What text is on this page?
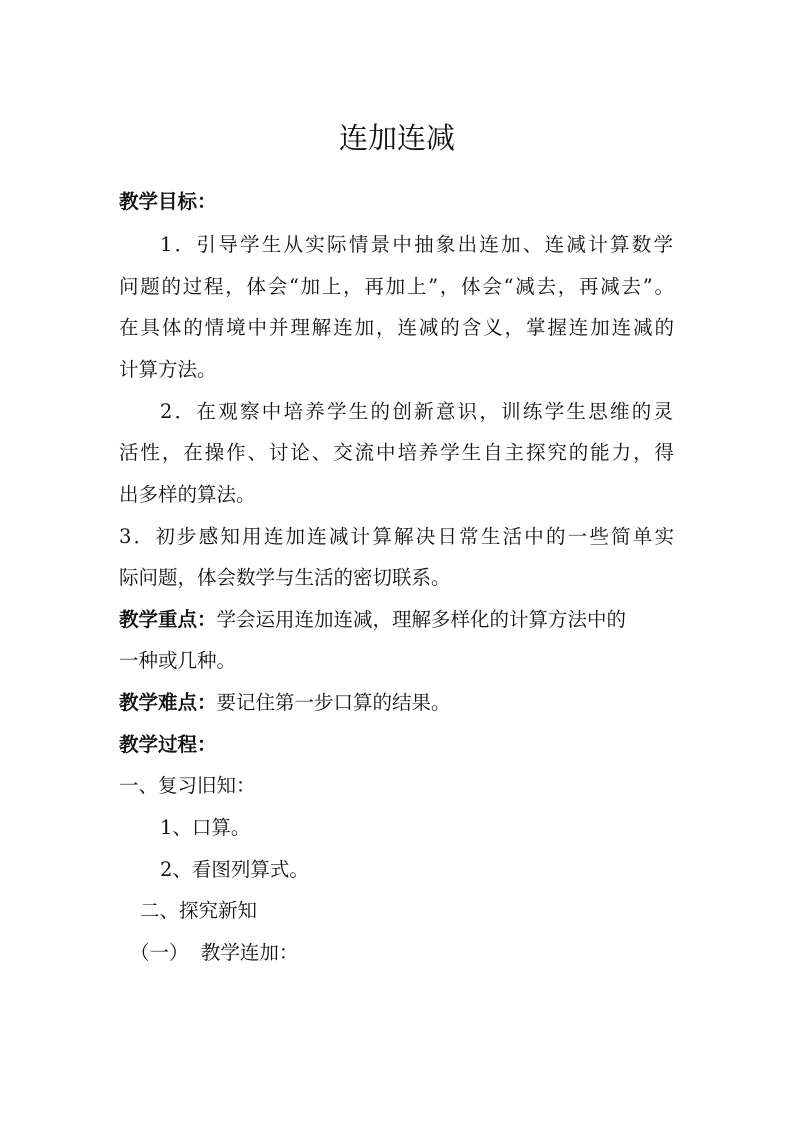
连加连减

教学目标：

1．引导学生从实际情景中抽象出连加、连减计算数学

问题的过程，体会“加上，再加上”，体会“减去，再减去”。

在具体的情境中并理解连加，连减的含义，掌握连加连减的

计算方法。

2．在观察中培养学生的创新意识，训练学生思维的灵

活性，在操作、讨论、交流中培养学生自主探究的能力，得

出多样的算法。

3．初步感知用连加连减计算解决日常生活中的一些简单实

际问题，体会数学与生活的密切联系。

教学重点：学会运用连加连减，理解多样化的计算方法中的

一种或几种。

教学难点：要记住第一步口算的结果。

教学过程：

一、复习旧知：

1、口算。

2、看图列算式。

二、探究新知

（一）  教学连加：
